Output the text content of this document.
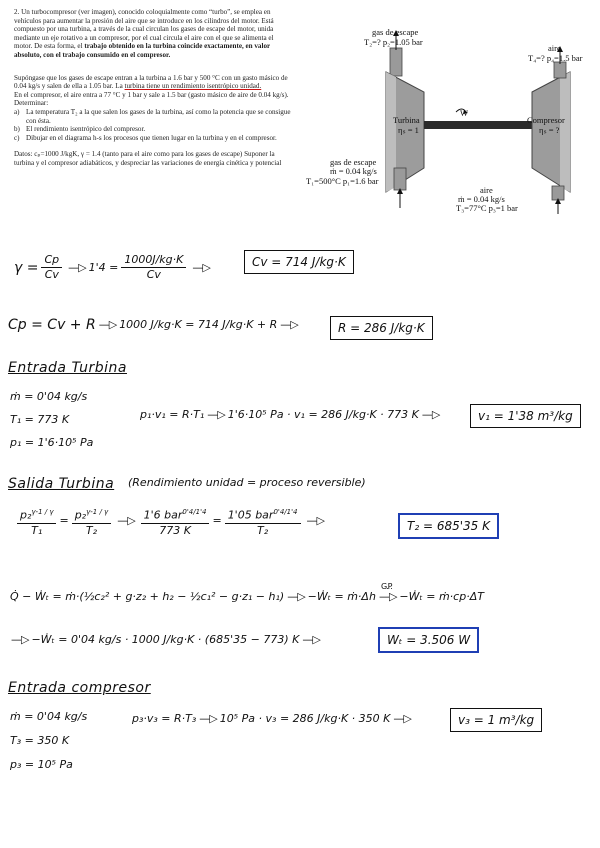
2. Un turbocompresor (ver imagen), conocido coloquialmente como “turbo”, se emplea en vehículos para aumentar la presión del aire que se introduce en los cilindros del motor. Está compuesto por una turbina, a través de la cual circulan los gases de escape del motor, unida mediante un eje rotativo a un compresor, por el cual circula el aire con el que se alimenta el motor. De esta forma, el trabajo obtenido en la turbina coincide exactamente, en valor absoluto, con el trabajo consumido en el compresor.

Supóngase que los gases de escape entran a la turbina a 1.6 bar y 500 °C con un gasto másico de 0.04 kg/s y salen de ella a 1.05 bar. La turbina tiene un rendimiento isentrópico unidad.

En el compresor, el aire entra a 77 °C y 1 bar y sale a 1.5 bar (gasto másico de aire de 0.04 kg/s).

Determinar:

a) La temperatura T₂ a la que salen los gases de la turbina, así como la potencia que se consigue con ésta.
b) El rendimiento isentrópico del compresor.
c) Dibujar en el diagrama h-s los procesos que tienen lugar en la turbina y en el compresor.

Datos: cₚ=1000 J/kgK, γ = 1.4 (tanto para el aire como para los gases de escape) Suponer la turbina y el compresor adiabáticos, y despreciar las variaciones de energía cinética y potencial

gas de escape
T₂=? p₂=1.05 bar
aire
T₄=? p₄=1.5 bar
Turbina
ηₛ = 1
W
Compresor
ηₛ = ?
gas de escape
ṁ = 0.04 kg/s
T₁=500°C p₁=1.6 bar
aire
ṁ = 0.04 kg/s
T₃=77°C p₃=1 bar
$\gamma = \frac{Cp}{Cv}$ —▷ $1'4 = \frac{1000J/kg\cdot K}{Cv}$ —▷	Cv = 714 J/kg·K
Cp = Cv + R —▷ 1000 J/kg·K = 714 J/kg·K + R —▷	R = 286 J/kg·K
Entrada Turbina
ṁ = 0'04 kg/s
T₁ = 773 K
p₁ = 1'6·10⁵ Pa
p₁·v₁ = R·T₁ —▷ 1'6·10⁵ Pa · v₁ = 286 J/kg·K · 773 K —▷	v₁ = 1'38 m³/kg
Salida Turbina (Rendimiento unidad = proceso reversible)
$\frac{p_2^{\gamma-1 / \gamma}}{\text{T₁}} = \frac{p_2^{\gamma-1 / \gamma}}{\text{T₂}}$ —▷ $\frac{1'6 bar^{0'4/1'4}}{773 K} = \frac{1'05 bar^{0'4/1'4}}{\text{T₂}}$ —▷	T₂ = 685'35 K
Q̇ − Ẇₜ = ṁ·(½c₂² + g·z₂ + h₂ − ½c₁² − g·z₁ − h₁) —▷ −Ẇₜ = ṁ·Δh —▷
G.P.
−Ẇₜ = ṁ·cp·ΔT
—▷ −Ẇₜ = 0'04 kg/s · 1000 J/kg·K · (685'35 − 773) K —▷	Wₜ = 3.506 W
Entrada compresor
ṁ = 0'04 kg/s
T₃ = 350 K
p₃ = 10⁵ Pa
p₃·v₃ = R·T₃ —▷ 10⁵ Pa · v₃ = 286 J/kg·K · 350 K —▷	v₃ = 1 m³/kg
